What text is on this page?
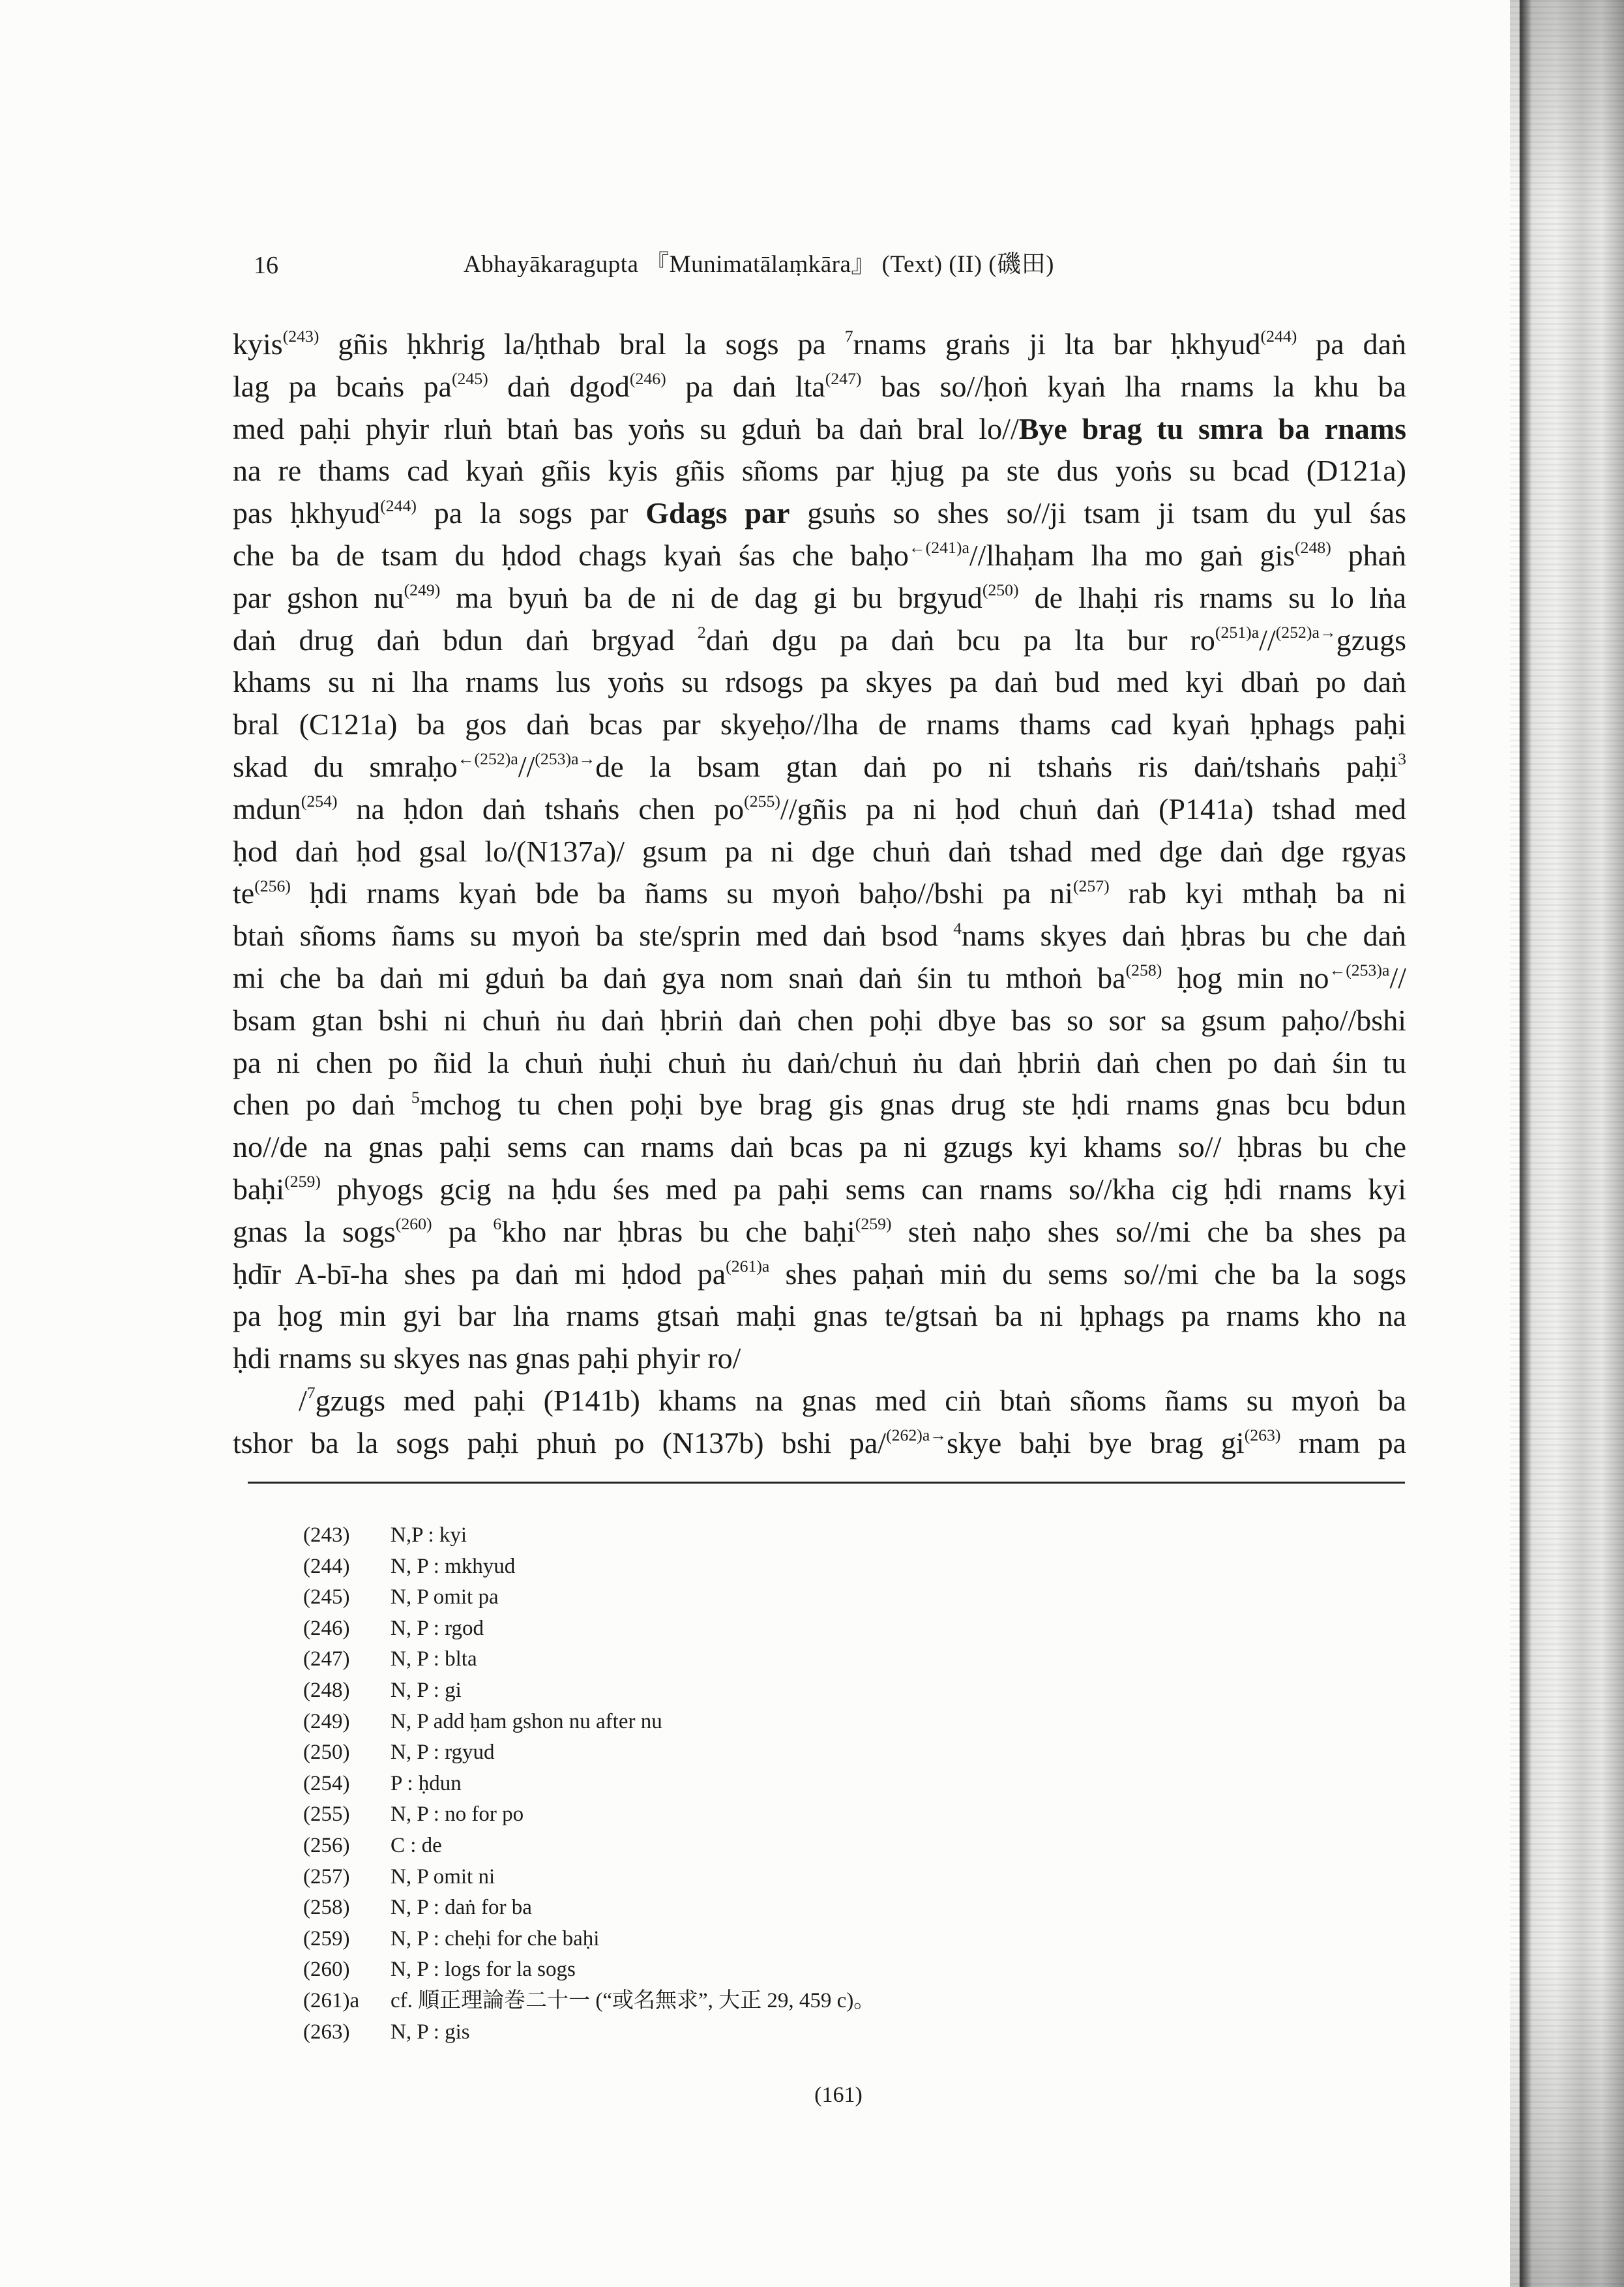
16	Abhayākaragupta 『Munimatālaṃkāra』 (Text) (II) (磯田)
kyis$^{(243)}$ gñis ḥkhrig la/ḥthab bral la sogs pa $^7$rnams graṅs ji lta bar ḥkhyud$^{(244)}$ pa daṅ
lag pa bcaṅs $pa^{(245)}$ daṅ dgod$^{(246)}$ pa daṅ lta$^{(247)}$ bas so//ḥoṅ kyaṅ lha rnams la khu ba
med paḥi phyir rluṅ btaṅ bas yoṅs su gduṅ ba daṅ bral lo//Bye brag tu smra ba rnams
na re thams cad kyaṅ gñis kyis gñis sñoms par ḥjug pa ste dus yoṅs su bcad (D121a)
pas ḥkhyud$^{(244)}$ pa la sogs par Gdags par gsuṅs so shes so//ji tsam ji tsam du yul śas
che ba de tsam du ḥdod chags kyaṅ śas che baḥo$^{\leftarrow(241)a}$//lhaḥam lha mo gaṅ gis$^{(248)}$ phaṅ
par gshon $nu^{(249)}$ ma byuṅ ba de ni de dag gi bu brgyud$^{(250)}$ de lhaḥi ris rnams su lo lṅa
daṅ drug daṅ bdun daṅ brgyad $^2$daṅ dgu pa daṅ bcu pa lta bur $ro^{(251)a}//^{(252)a\to}gzugs$
khams su ni lha rnams lus yoṅs su rdsogs pa skyes pa daṅ bud med kyi dbaṅ po daṅ
bral (C121a) ba gos daṅ bcas par skyeḥo//lha de rnams thams cad kyaṅ ḥphags paḥi
skad du smraḥo$^{\leftarrow(252)a}$//$^{(253)a\to}$de la bsam gtan daṅ po ni tshaṅs ris daṅ/tshaṅs paḥi$^3$
mdun$^{(254)}$ na ḥdon daṅ tshaṅs chen $po^{(255)}/$/gñis pa ni ḥod chuṅ daṅ (P141a) tshad med
ḥod daṅ ḥod gsal lo/(N137a)/ gsum pa ni dge chuṅ daṅ tshad med dge daṅ dge rgyas
$te^{(256)}$ ḥdi rnams kyaṅ bde ba ñams su myoṅ baḥo//bshi pa $ni^{(257)}$ rab kyi mthaḥ ba ni
btaṅ sñoms ñams su myoṅ ba ste/sprin med daṅ bsod $^4$nams skyes daṅ ḥbras bu che daṅ
mi che ba daṅ mi gduṅ ba daṅ gya nom snaṅ daṅ śin tu mthoṅ $ba^{(258)}$ ḥog $\min no^{\leftarrow(253)a}//$
bsam gtan bshi ni chuṅ ṅu daṅ ḥbriṅ daṅ chen poḥi dbye bas so sor sa gsum paḥo//bshi
pa ni chen po ñid la chuṅ ṅuḥi chuṅ ṅu daṅ/chuṅ ṅu daṅ ḥbriṅ daṅ chen po daṅ śin tu
chen po daṅ $^5$mchog tu chen poḥi bye brag gis gnas drug ste ḥdi rnams gnas bcu bdun
no//de na gnas paḥi sems can rnams daṅ bcas pa ni gzugs kyi khams so// ḥbras bu che
baḥi$^{(259)}$ phyogs gcig na ḥdu śes med pa paḥi sems can rnams so//kha cig ḥdi rnams kyi
gnas la sogs$^{(260)}$ pa $^6$kho nar ḥbras bu che baḥi$^{(259)}$ steṅ naḥo shes so//mi che ba shes pa
ḥdīr A-bī-ha shes pa daṅ mi ḥdod $pa^{(261)a}$ shes paḥaṅ miṅ du sems so//mi che ba la sogs
pa ḥog min gyi bar lṅa rnams gtsaṅ maḥi gnas te/gtsaṅ ba ni ḥphags pa rnams kho na
ḥdi rnams su skyes nas gnas paḥi phyir ro/
/$^7$gzugs med paḥi (P141b) khams na gnas med ciṅ btaṅ sñoms ñams su myoṅ ba
tshor ba la sogs paḥi phuṅ po (N137b) bshi pa/$^{(262)a\to}$skye baḥi bye brag $gi^{(263)}$ rnam pa
(243)	N,P : kyi
(244)	N, P : mkhyud
(245)	N, P omit pa
(246)	N, P : rgod
(247)	N, P : blta
(248)	N, P : gi
(249)	N, P add ḥam gshon nu after nu
(250)	N, P : rgyud
(254)	P : ḥdun
(255)	N, P : no for po
(256)	C : de
(257)	N, P omit ni
(258)	N, P : daṅ for ba
(259)	N, P : cheḥi for che baḥi
(260)	N, P : logs for la sogs
(261)a	cf. 順正理論巻二十一 (“或名無求”, 大正 29, 459 c)。
(263)	N, P : gis
(161)
